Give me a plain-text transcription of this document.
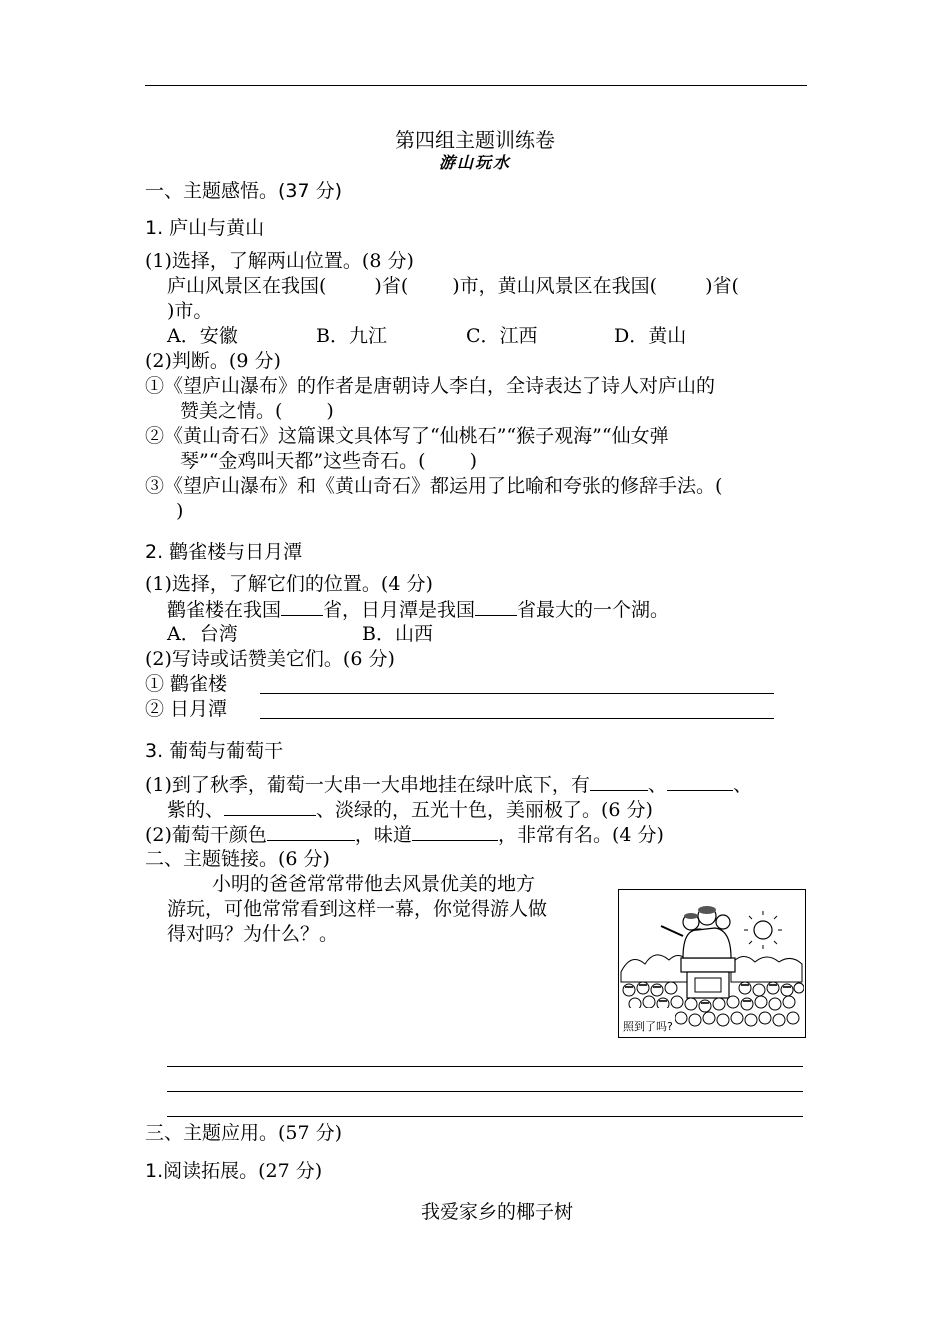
第四组主题训练卷
游山玩水
一、主题感悟。(37 分)
1. 庐山与黄山
(1)选择，了解两山位置。(8 分)
庐山风景区在我国(	)省( )市，黄山风景区在我国(	)省(
)市。
A．安徽	B．九江	C．江西	D．黄山
(2)判断。(9 分)
①《望庐山瀑布》的作者是唐朝诗人李白，全诗表达了诗人对庐山的
赞美之情。( )
②《黄山奇石》这篇课文具体写了“仙桃石”“猴子观海”“仙女弹
琴”“金鸡叫天都”这些奇石。( )
③《望庐山瀑布》和《黄山奇石》都运用了比喻和夸张的修辞手法。(
)
2. 鹳雀楼与日月潭
(1)选择，了解它们的位置。(4 分)
鹳雀楼在我国 省，日月潭是我国 省最大的一个湖。
A．台湾	B．山西
(2)写诗或话赞美它们。(6 分)
① 鹳雀楼
② 日月潭
3. 葡萄与葡萄干
(1)到了秋季，葡萄一大串一大串地挂在绿叶底下，有	、	、
紫的、	、淡绿的，五光十色，美丽极了。(6 分)
(2)葡萄干颜色	，味道	，非常有名。(4 分)
二、主题链接。(6 分)
小明的爸爸常常带他去风景优美的地方
游玩，可他常常看到这样一幕，你觉得游人做
得对吗？为什么？。
照到了吗?
三、主题应用。(57 分)
1.阅读拓展。(27 分)
我爱家乡的椰子树
